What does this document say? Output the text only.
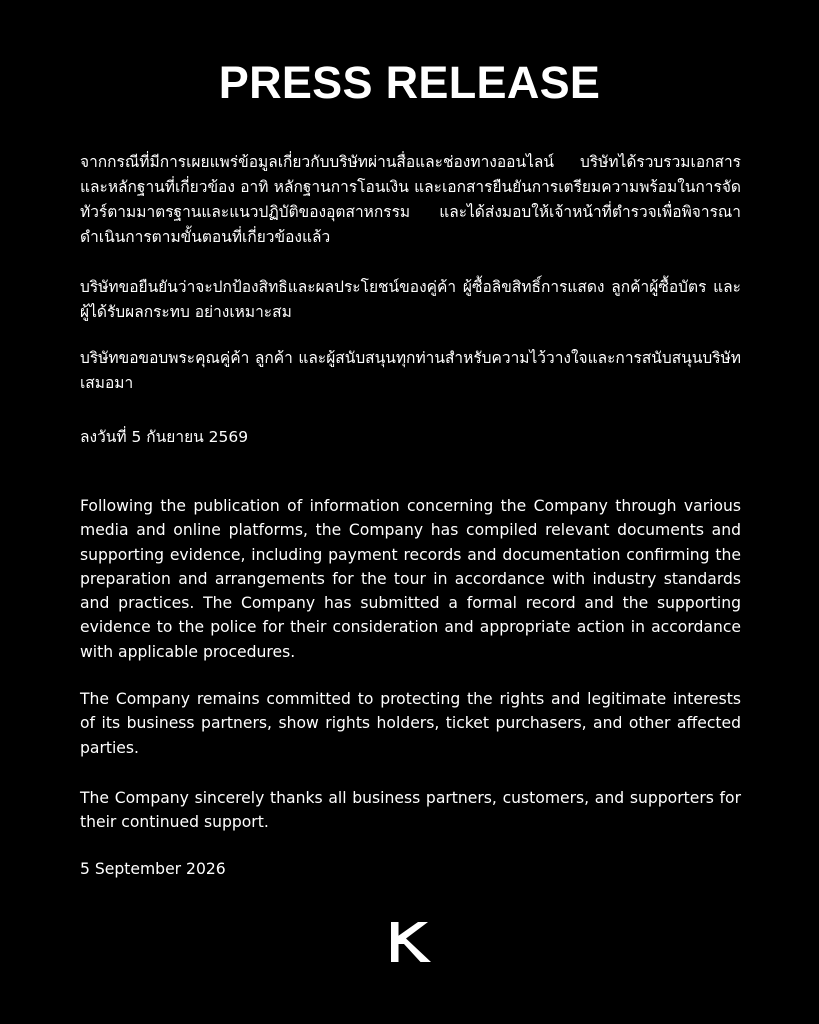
PRESS RELEASE

จากกรณีที่มีการเผยแพร่ข้อมูลเกี่ยวกับบริษัทผ่านสื่อและช่องทางออนไลน์ บริษัทได้รวบรวมเอกสารและหลักฐานที่เกี่ยวข้อง อาทิ หลักฐานการโอนเงิน และเอกสารยืนยันการเตรียมความพร้อมในการจัดทัวร์ตามมาตรฐานและแนวปฏิบัติของอุตสาหกรรม และได้ส่งมอบให้เจ้าหน้าที่ตำรวจเพื่อพิจารณาดำเนินการตามขั้นตอนที่เกี่ยวข้องแล้ว

บริษัทขอยืนยันว่าจะปกป้องสิทธิและผลประโยชน์ของคู่ค้า ผู้ซื้อลิขสิทธิ์การแสดง ลูกค้าผู้ซื้อบัตร และผู้ได้รับผลกระทบ อย่างเหมาะสม

บริษัทขอขอบพระคุณคู่ค้า ลูกค้า และผู้สนับสนุนทุกท่านสำหรับความไว้วางใจและการสนับสนุนบริษัทเสมอมา

ลงวันที่ 5 กันยายน 2569

Following the publication of information concerning the Company through various media and online platforms, the Company has compiled relevant documents and supporting evidence, including payment records and documentation confirming the preparation and arrangements for the tour in accordance with industry standards and practices. The Company has submitted a formal record and the supporting evidence to the police for their consideration and appropriate action in accordance with applicable procedures.

The Company remains committed to protecting the rights and legitimate interests of its business partners, show rights holders, ticket purchasers, and other affected parties.

The Company sincerely thanks all business partners, customers, and supporters for their continued support.

5 September 2026
